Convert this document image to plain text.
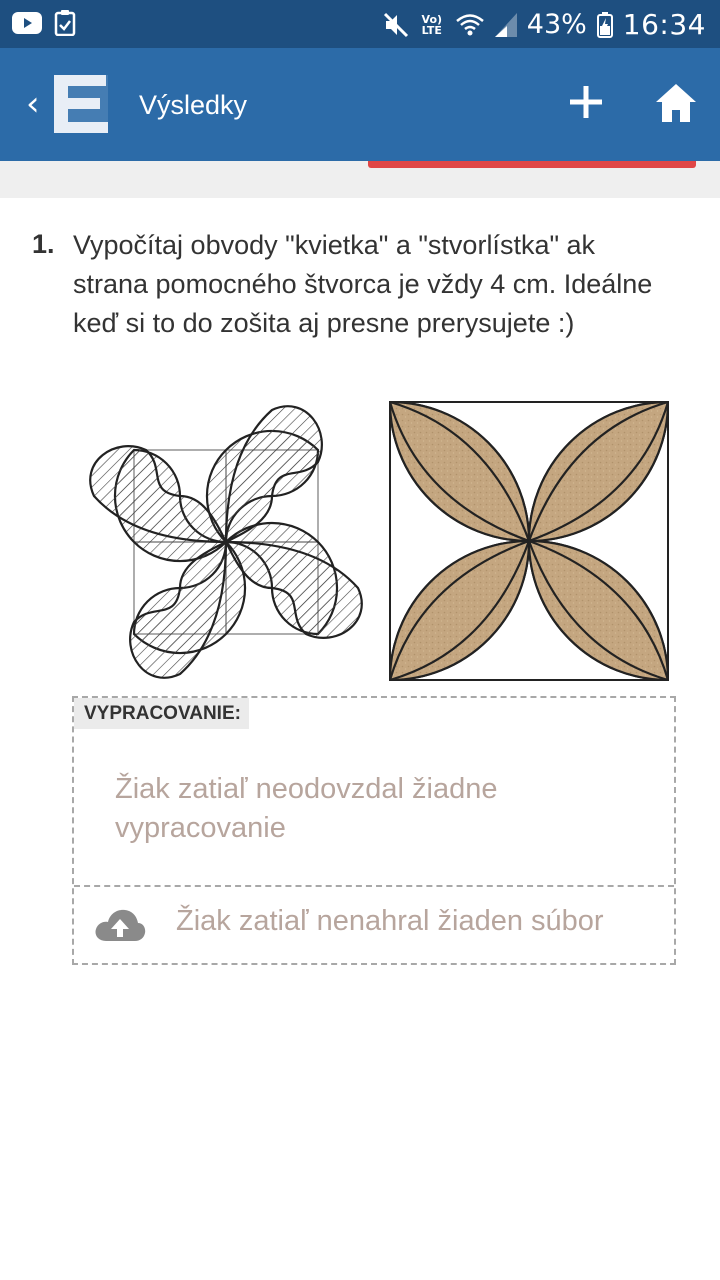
Vo) LTE	43% 16:34
‹	Výsledky
1. Vypočítaj obvody "kvietka" a "stvorlístka" ak strana pomocného štvorca je vždy 4 cm. Ideálne keď si to do zošita aj presne prerysujete :)
VYPRACOVANIE:
Žiak zatiaľ neodovzdal žiadne vypracovanie
Žiak zatiaľ nenahral žiaden súbor
